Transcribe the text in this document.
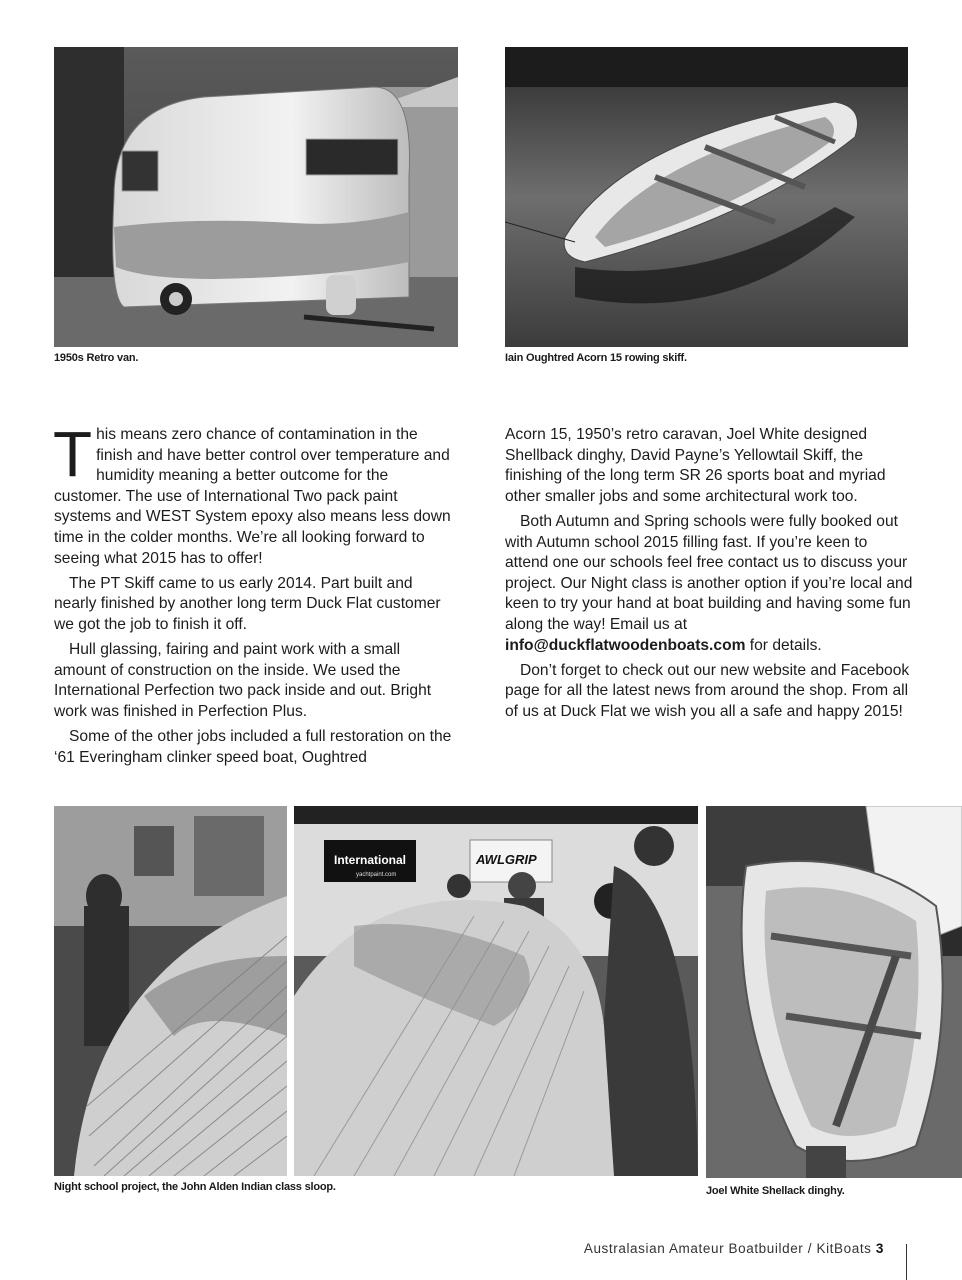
1950s Retro van.	Iain Oughtred Acorn 15 rowing skiff.

This means zero chance of contamination in the finish and have better control over temperature and humidity meaning a better outcome for the customer. The use of International Two pack paint systems and WEST System epoxy also means less down time in the colder months. We’re all looking forward to seeing what 2015 has to offer!

The PT Skiff came to us early 2014. Part built and nearly finished by another long term Duck Flat customer we got the job to finish it off.

Hull glassing, fairing and paint work with a small amount of construction on the inside. We used the International Perfection two pack inside and out. Bright work was finished in Perfection Plus.

Some of the other jobs included a full restoration on the ‘61 Everingham clinker speed boat, Oughtred

Acorn 15, 1950’s retro caravan, Joel White designed Shellback dinghy, David Payne’s Yellowtail Skiff, the finishing of the long term SR 26 sports boat and myriad other smaller jobs and some architectural work too.

Both Autumn and Spring schools were fully booked out with Autumn school 2015 filling fast. If you’re keen to attend one our schools feel free contact us to discuss your project. Our Night class is another option if you’re local and keen to try your hand at boat building and having some fun along the way! Email us at info@duckflatwoodenboats.com for details.

Don’t forget to check out our new website and Facebook page for all the latest news from around the shop. From all of us at Duck Flat we wish you all a safe and happy 2015!

International
yachtpaint.com
AWLGRIP
Night school project, the John Alden Indian class sloop.	Joel White Shellack dinghy.
Australasian Amateur Boatbuilder / KitBoats 3
